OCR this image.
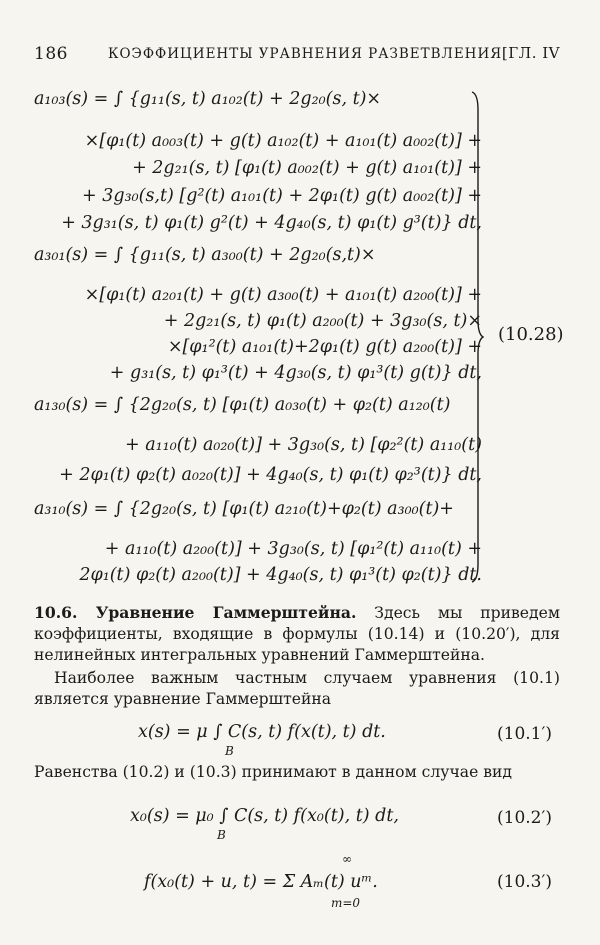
186	КОЭФФИЦИЕНТЫ УРАВНЕНИЯ РАЗВЕТВЛЕНИЯ [ГЛ. IV
a₁₀₃(s) = ∫ {g₁₁(s, t) a₁₀₂(t) + 2g₂₀(s, t)×
×[φ₁(t) a₀₀₃(t) + g(t) a₁₀₂(t) + a₁₀₁(t) a₀₀₂(t)] +
+ 2g₂₁(s, t) [φ₁(t) a₀₀₂(t) + g(t) a₁₀₁(t)] +
+ 3g₃₀(s,t) [g²(t) a₁₀₁(t) + 2φ₁(t) g(t) a₀₀₂(t)] +
+ 3g₃₁(s, t) φ₁(t) g²(t) + 4g₄₀(s, t) φ₁(t) g³(t)} dt,
a₃₀₁(s) = ∫ {g₁₁(s, t) a₃₀₀(t) + 2g₂₀(s,t)×
×[φ₁(t) a₂₀₁(t) + g(t) a₃₀₀(t) + a₁₀₁(t) a₂₀₀(t)] +
+ 2g₂₁(s, t) φ₁(t) a₂₀₀(t) + 3g₃₀(s, t)×
×[φ₁²(t) a₁₀₁(t)+2φ₁(t) g(t) a₂₀₀(t)] +
+ g₃₁(s, t) φ₁³(t) + 4g₃₀(s, t) φ₁³(t) g(t)} dt,
a₁₃₀(s) = ∫ {2g₂₀(s, t) [φ₁(t) a₀₃₀(t) + φ₂(t) a₁₂₀(t)
+ a₁₁₀(t) a₀₂₀(t)] + 3g₃₀(s, t) [φ₂²(t) a₁₁₀(t)
+ 2φ₁(t) φ₂(t) a₀₂₀(t)] + 4g₄₀(s, t) φ₁(t) φ₂³(t)} dt,
a₃₁₀(s) = ∫ {2g₂₀(s, t) [φ₁(t) a₂₁₀(t)+φ₂(t) a₃₀₀(t)+
+ a₁₁₀(t) a₂₀₀(t)] + 3g₃₀(s, t) [φ₁²(t) a₁₁₀(t) +
2φ₁(t) φ₂(t) a₂₀₀(t)] + 4g₄₀(s, t) φ₁³(t) φ₂(t)} dt.
(10.28)
10.6. Уравнение Гаммерштейна. Здесь мы приведем коэффициенты, входящие в формулы (10.14) и (10.20′), для нелинейных интегральных уравнений Гаммерштейна.
Наиболее важным частным случаем уравнения (10.1) является уравнение Гаммерштейна
x(s) = μ ∫ C(s, t) f(x(t), t) dt.
B
(10.1′)
Равенства (10.2) и (10.3) принимают в данном случае вид
x₀(s) = μ₀ ∫ C(s, t) f(x₀(t), t) dt,
B
(10.2′)
∞
f(x₀(t) + u, t) = Σ Aₘ(t) uᵐ.
m=0
(10.3′)
